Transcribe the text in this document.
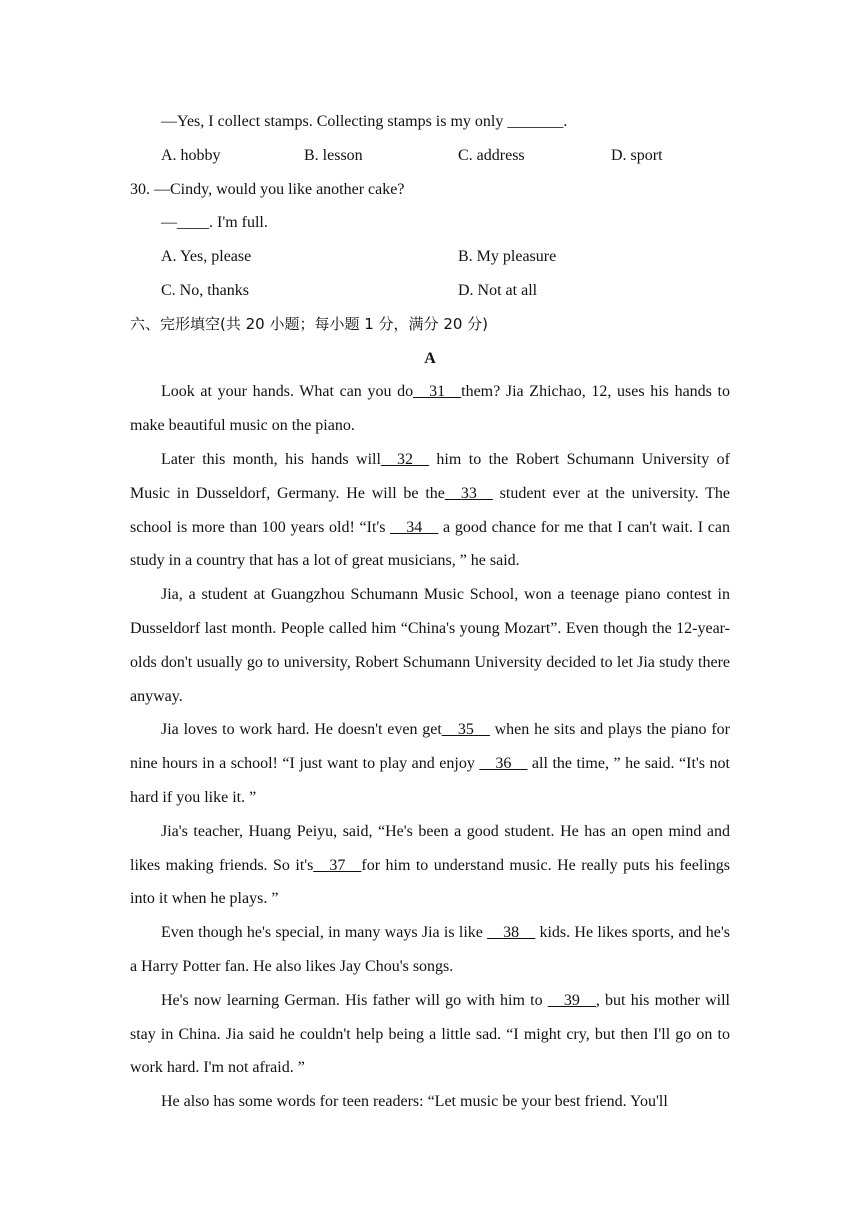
—Yes, I collect stamps. Collecting stamps is my only _______.
A. hobby	B. lesson	C. address	D. sport
30. —Cindy, would you like another cake?
—____. I'm full.
A. Yes, please	B. My pleasure
C. No, thanks	D. Not at all
六、完形填空(共 20 小题；每小题 1 分，满分 20 分)
A

Look at your hands. What can you do__31__them? Jia Zhichao, 12, uses his hands to make beautiful music on the piano.

Later this month, his hands will__32__ him to the Robert Schumann University of Music in Dusseldorf, Germany. He will be the__33__ student ever at the university. The school is more than 100 years old! “It's __34__ a good chance for me that I can't wait. I can study in a country that has a lot of great musicians, ” he said.

Jia, a student at Guangzhou Schumann Music School, won a teenage piano contest in Dusseldorf last month. People called him “China's young Mozart”. Even though the 12-year-olds don't usually go to university, Robert Schumann University decided to let Jia study there anyway.

Jia loves to work hard. He doesn't even get__35__ when he sits and plays the piano for nine hours in a school! “I just want to play and enjoy __36__ all the time, ” he said. “It's not hard if you like it. ”

Jia's teacher, Huang Peiyu, said, “He's been a good student. He has an open mind and likes making friends. So it's__37__for him to understand music. He really puts his feelings into it when he plays. ”

Even though he's special, in many ways Jia is like __38__ kids. He likes sports, and he's a Harry Potter fan. He also likes Jay Chou's songs.

He's now learning German. His father will go with him to __39__, but his mother will stay in China. Jia said he couldn't help being a little sad. “I might cry, but then I'll go on to work hard. I'm not afraid. ”

He also has some words for teen readers: “Let music be your best friend. You'll
